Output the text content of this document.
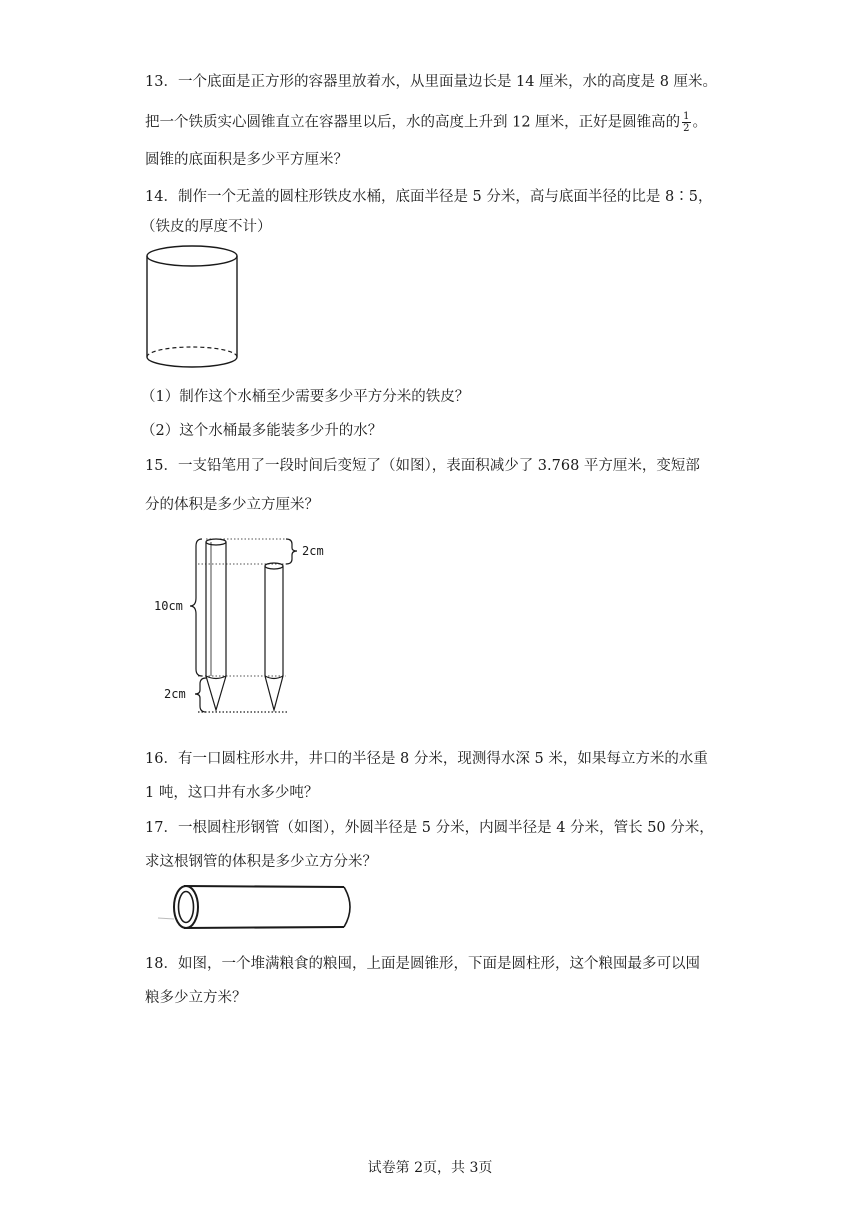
13．一个底面是正方形的容器里放着水，从里面量边长是 14 厘米，水的高度是 8 厘米。
把一个铁质实心圆锥直立在容器里以后，水的高度上升到 12 厘米，正好是圆锥高的 $\frac{1}{2}$ 。
圆锥的底面积是多少平方厘米？
14．制作一个无盖的圆柱形铁皮水桶，底面半径是 5 分米，高与底面半径的比是 8∶5，
（铁皮的厚度不计）
（1）制作这个水桶至少需要多少平方分米的铁皮？
（2）这个水桶最多能装多少升的水？
15．一支铅笔用了一段时间后变短了（如图），表面积减少了 3.768 平方厘米，变短部
分的体积是多少立方厘米？
2cm
10cm
2cm
16．有一口圆柱形水井，井口的半径是 8 分米，现测得水深 5 米，如果每立方米的水重
1 吨，这口井有水多少吨？
17．一根圆柱形钢管（如图），外圆半径是 5 分米，内圆半径是 4 分米，管长 50 分米，
求这根钢管的体积是多少立方分米？
18．如图，一个堆满粮食的粮囤，上面是圆锥形，下面是圆柱形，这个粮囤最多可以囤
粮多少立方米？
试卷第 2页，共 3页
